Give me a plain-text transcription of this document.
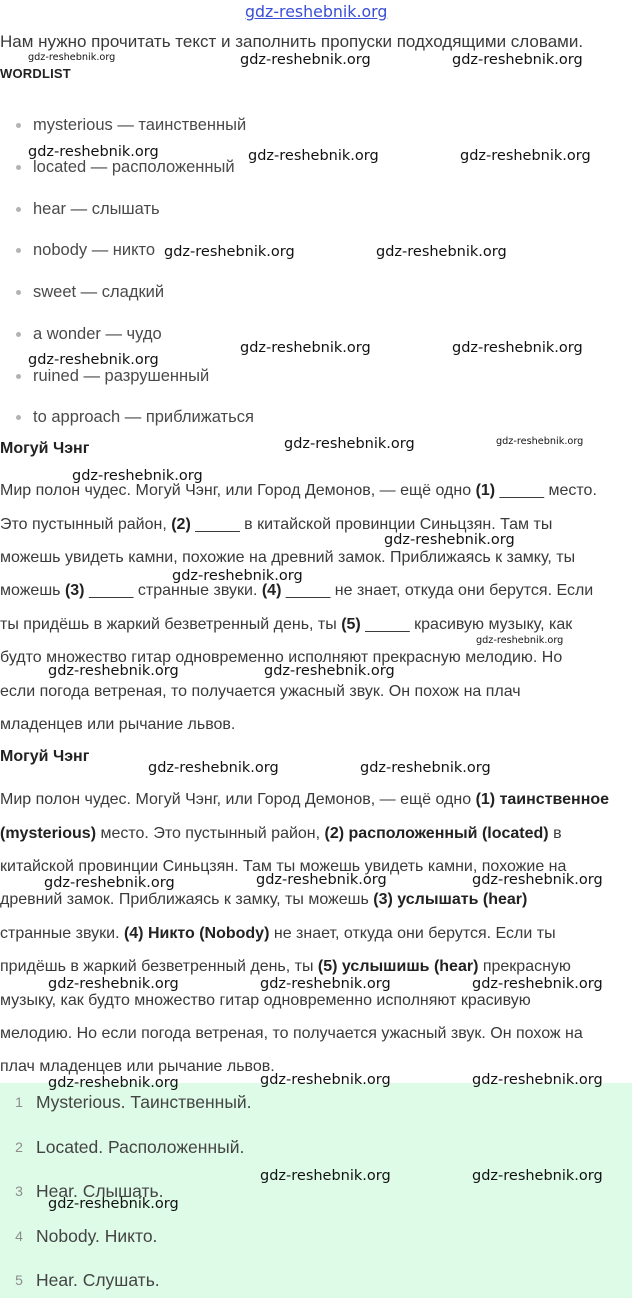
gdz-reshebnik.org
Нам нужно прочитать текст и заполнить пропуски подходящими словами.
WORDLIST
mysterious — таинственный
located — расположенный
hear — слышать
nobody — никто
sweet — сладкий
a wonder — чудо
ruined — разрушенный
to approach — приближаться
Могуй Чэнг
Мир полон чудес. Могуй Чэнг, или Город Демонов, — ещё одно (1) _____ место.
Это пустынный район, (2) _____ в китайской провинции Синьцзян. Там ты
можешь увидеть камни, похожие на древний замок. Приближаясь к замку, ты
можешь (3) _____ странные звуки. (4) _____ не знает, откуда они берутся. Если
ты придёшь в жаркий безветренный день, ты (5) _____ красивую музыку, как
будто множество гитар одновременно исполняют прекрасную мелодию. Но
если погода ветреная, то получается ужасный звук. Он похож на плач
младенцев или рычание львов.
Могуй Чэнг
Мир полон чудес. Могуй Чэнг, или Город Демонов, — ещё одно (1) таинственное
(mysterious) место. Это пустынный район, (2) расположенный (located) в
китайской провинции Синьцзян. Там ты можешь увидеть камни, похожие на
древний замок. Приближаясь к замку, ты можешь (3) услышать (hear)
странные звуки. (4) Никто (Nobody) не знает, откуда они берутся. Если ты
придёшь в жаркий безветренный день, ты (5) услышишь (hear) прекрасную
музыку, как будто множество гитар одновременно исполняют красивую
мелодию. Но если погода ветреная, то получается ужасный звук. Он похож на
плач младенцев или рычание львов.
1 Mysterious. Таинственный.
2 Located. Расположенный.
3 Hear. Слышать.
4 Nobody. Никто.
5 Hear. Слушать.
gdz-reshebnik.org	gdz-reshebnik.org	gdz-reshebnik.org
gdz-reshebnik.org	gdz-reshebnik.org	gdz-reshebnik.org
gdz-reshebnik.org	gdz-reshebnik.org
gdz-reshebnik.org	gdz-reshebnik.org
gdz-reshebnik.org
gdz-reshebnik.org	gdz-reshebnik.org
gdz-reshebnik.org
gdz-reshebnik.org
gdz-reshebnik.org
gdz-reshebnik.org
gdz-reshebnik.org	gdz-reshebnik.org
gdz-reshebnik.org	gdz-reshebnik.org
gdz-reshebnik.org	gdz-reshebnik.org	gdz-reshebnik.org
gdz-reshebnik.org	gdz-reshebnik.org	gdz-reshebnik.org
gdz-reshebnik.org	gdz-reshebnik.org	gdz-reshebnik.org
gdz-reshebnik.org	gdz-reshebnik.org
gdz-reshebnik.org
